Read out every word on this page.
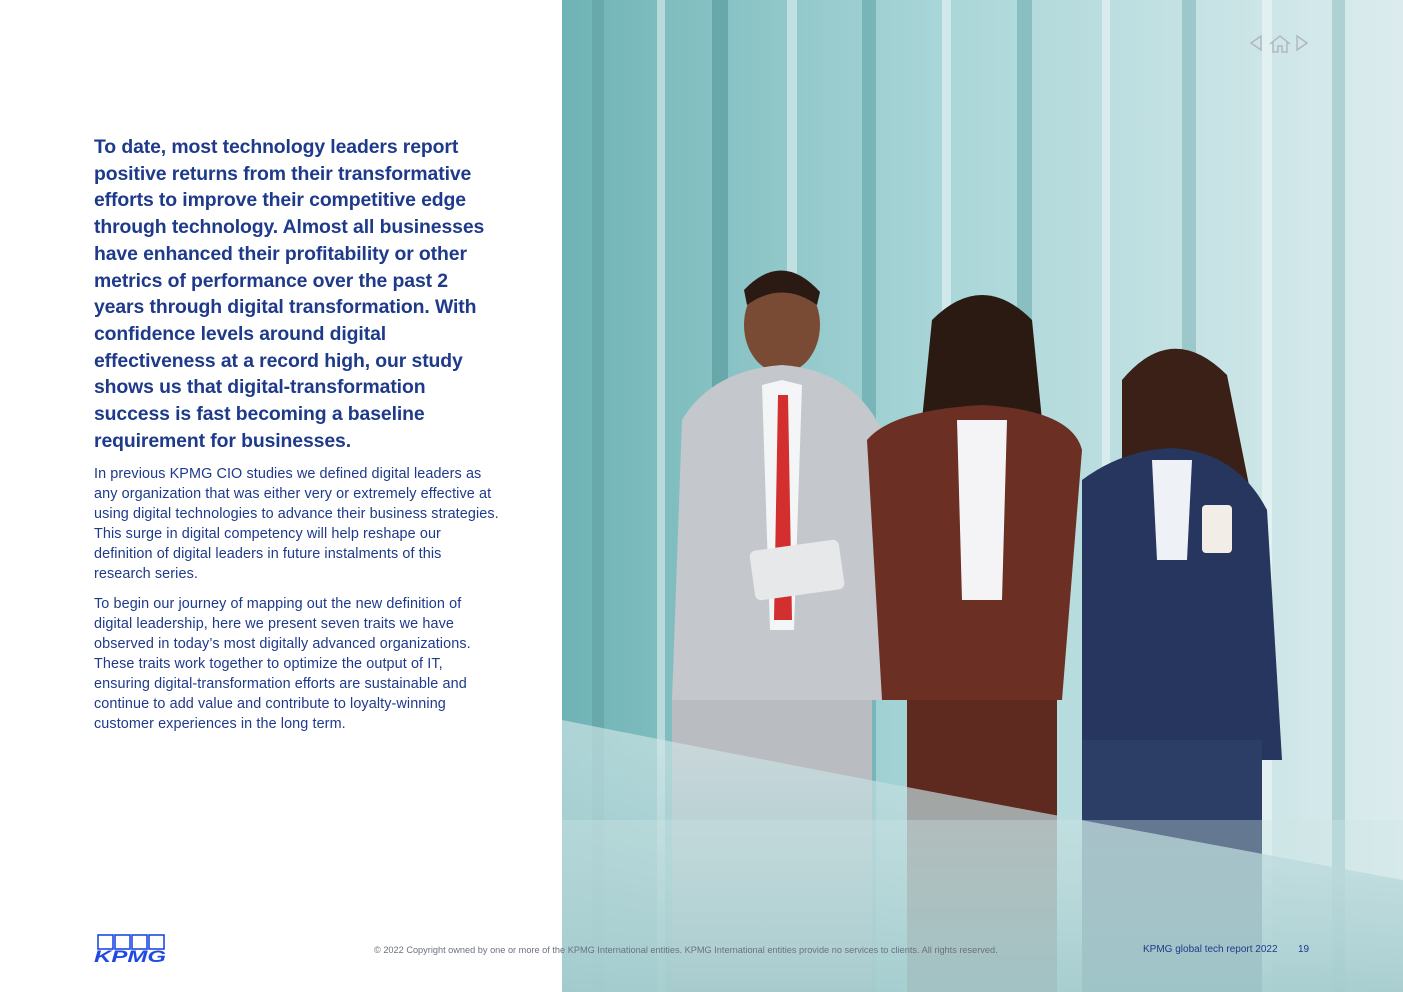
To date, most technology leaders report positive returns from their transformative efforts to improve their competitive edge through technology. Almost all businesses have enhanced their profitability or other metrics of performance over the past 2 years through digital transformation. With confidence levels around digital effectiveness at a record high, our study shows us that digital-transformation success is fast becoming a baseline requirement for businesses.

In previous KPMG CIO studies we defined digital leaders as any organization that was either very or extremely effective at using digital technologies to advance their business strategies. This surge in digital competency will help reshape our definition of digital leaders in future instalments of this research series.

To begin our journey of mapping out the new definition of digital leadership, here we present seven traits we have observed in today’s most digitally advanced organizations. These traits work together to optimize the output of IT, ensuring digital-transformation efforts are sustainable and continue to add value and contribute to loyalty-winning customer experiences in the long term.

KPMG	© 2022 Copyright owned by one or more of the KPMG International entities. KPMG International entities provide no services to clients. All rights reserved.	KPMG global tech report 2022 19
